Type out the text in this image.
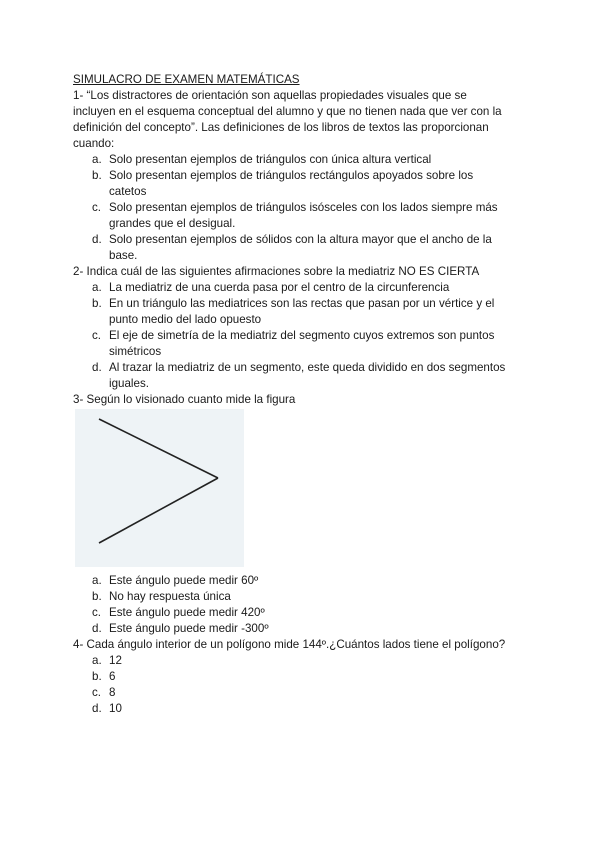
SIMULACRO DE EXAMEN MATEMÁTICAS
1- “Los distractores de orientación son aquellas propiedades visuales que se
incluyen en el esquema conceptual del alumno y que no tienen nada que ver con la
definición del concepto”. Las definiciones de los libros de textos las proporcionan
cuando:
a. Solo presentan ejemplos de triángulos con única altura vertical
b. Solo presentan ejemplos de triángulos rectángulos apoyados sobre los
catetos
c. Solo presentan ejemplos de triángulos isósceles con los lados siempre más
grandes que el desigual.
d. Solo presentan ejemplos de sólidos con la altura mayor que el ancho de la
base.
2- Indica cuál de las siguientes afirmaciones sobre la mediatriz NO ES CIERTA
a. La mediatriz de una cuerda pasa por el centro de la circunferencia
b. En un triángulo las mediatrices son las rectas que pasan por un vértice y el
punto medio del lado opuesto
c. El eje de simetría de la mediatriz del segmento cuyos extremos son puntos
simétricos
d. Al trazar la mediatriz de un segmento, este queda dividido en dos segmentos
iguales.
3- Según lo visionado cuanto mide la figura
a. Este ángulo puede medir 60º
b. No hay respuesta única
c. Este ángulo puede medir 420º
d. Este ángulo puede medir -300º
4- Cada ángulo interior de un polígono mide 144º.¿Cuántos lados tiene el polígono?
a. 12
b. 6
c. 8
d. 10
